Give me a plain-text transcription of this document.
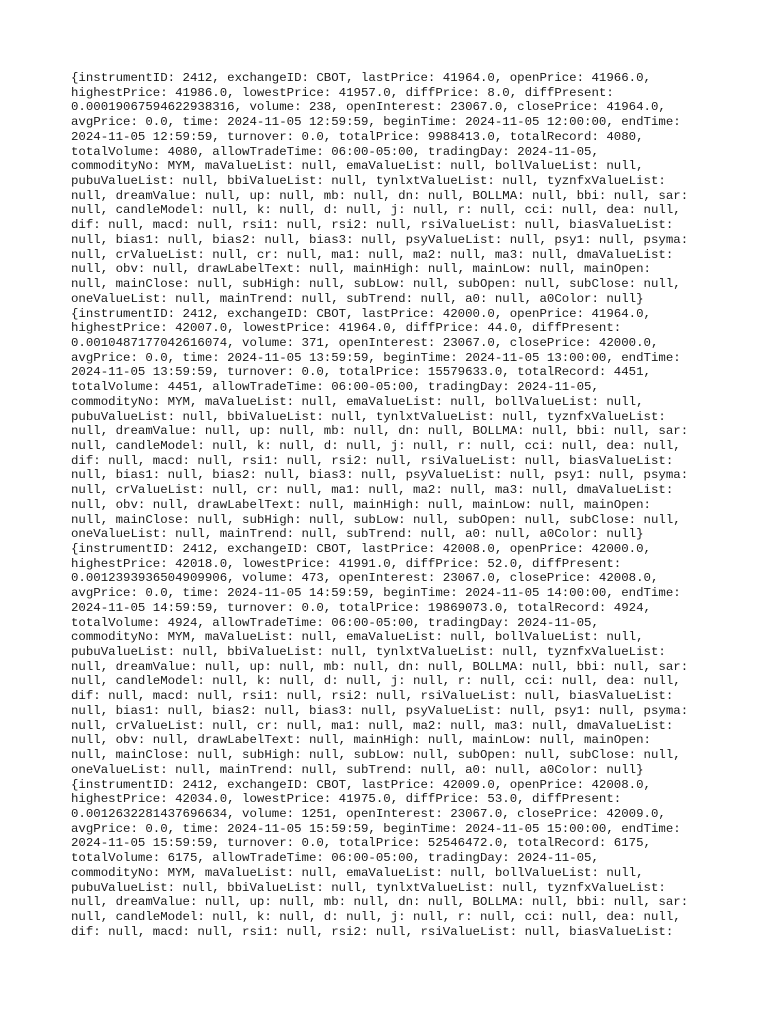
{instrumentID: 2412, exchangeID: CBOT, lastPrice: 41964.0, openPrice: 41966.0,
highestPrice: 41986.0, lowestPrice: 41957.0, diffPrice: 8.0, diffPresent:
0.00019067594622938316, volume: 238, openInterest: 23067.0, closePrice: 41964.0,
avgPrice: 0.0, time: 2024-11-05 12:59:59, beginTime: 2024-11-05 12:00:00, endTime:
2024-11-05 12:59:59, turnover: 0.0, totalPrice: 9988413.0, totalRecord: 4080,
totalVolume: 4080, allowTradeTime: 06:00-05:00, tradingDay: 2024-11-05,
commodityNo: MYM, maValueList: null, emaValueList: null, bollValueList: null,
pubuValueList: null, bbiValueList: null, tynlxtValueList: null, tyznfxValueList:
null, dreamValue: null, up: null, mb: null, dn: null, BOLLMA: null, bbi: null, sar:
null, candleModel: null, k: null, d: null, j: null, r: null, cci: null, dea: null,
dif: null, macd: null, rsi1: null, rsi2: null, rsiValueList: null, biasValueList:
null, bias1: null, bias2: null, bias3: null, psyValueList: null, psy1: null, psyma:
null, crValueList: null, cr: null, ma1: null, ma2: null, ma3: null, dmaValueList:
null, obv: null, drawLabelText: null, mainHigh: null, mainLow: null, mainOpen:
null, mainClose: null, subHigh: null, subLow: null, subOpen: null, subClose: null,
oneValueList: null, mainTrend: null, subTrend: null, a0: null, a0Color: null}
{instrumentID: 2412, exchangeID: CBOT, lastPrice: 42000.0, openPrice: 41964.0,
highestPrice: 42007.0, lowestPrice: 41964.0, diffPrice: 44.0, diffPresent:
0.0010487177042616074, volume: 371, openInterest: 23067.0, closePrice: 42000.0,
avgPrice: 0.0, time: 2024-11-05 13:59:59, beginTime: 2024-11-05 13:00:00, endTime:
2024-11-05 13:59:59, turnover: 0.0, totalPrice: 15579633.0, totalRecord: 4451,
totalVolume: 4451, allowTradeTime: 06:00-05:00, tradingDay: 2024-11-05,
commodityNo: MYM, maValueList: null, emaValueList: null, bollValueList: null,
pubuValueList: null, bbiValueList: null, tynlxtValueList: null, tyznfxValueList:
null, dreamValue: null, up: null, mb: null, dn: null, BOLLMA: null, bbi: null, sar:
null, candleModel: null, k: null, d: null, j: null, r: null, cci: null, dea: null,
dif: null, macd: null, rsi1: null, rsi2: null, rsiValueList: null, biasValueList:
null, bias1: null, bias2: null, bias3: null, psyValueList: null, psy1: null, psyma:
null, crValueList: null, cr: null, ma1: null, ma2: null, ma3: null, dmaValueList:
null, obv: null, drawLabelText: null, mainHigh: null, mainLow: null, mainOpen:
null, mainClose: null, subHigh: null, subLow: null, subOpen: null, subClose: null,
oneValueList: null, mainTrend: null, subTrend: null, a0: null, a0Color: null}
{instrumentID: 2412, exchangeID: CBOT, lastPrice: 42008.0, openPrice: 42000.0,
highestPrice: 42018.0, lowestPrice: 41991.0, diffPrice: 52.0, diffPresent:
0.0012393936504909906, volume: 473, openInterest: 23067.0, closePrice: 42008.0,
avgPrice: 0.0, time: 2024-11-05 14:59:59, beginTime: 2024-11-05 14:00:00, endTime:
2024-11-05 14:59:59, turnover: 0.0, totalPrice: 19869073.0, totalRecord: 4924,
totalVolume: 4924, allowTradeTime: 06:00-05:00, tradingDay: 2024-11-05,
commodityNo: MYM, maValueList: null, emaValueList: null, bollValueList: null,
pubuValueList: null, bbiValueList: null, tynlxtValueList: null, tyznfxValueList:
null, dreamValue: null, up: null, mb: null, dn: null, BOLLMA: null, bbi: null, sar:
null, candleModel: null, k: null, d: null, j: null, r: null, cci: null, dea: null,
dif: null, macd: null, rsi1: null, rsi2: null, rsiValueList: null, biasValueList:
null, bias1: null, bias2: null, bias3: null, psyValueList: null, psy1: null, psyma:
null, crValueList: null, cr: null, ma1: null, ma2: null, ma3: null, dmaValueList:
null, obv: null, drawLabelText: null, mainHigh: null, mainLow: null, mainOpen:
null, mainClose: null, subHigh: null, subLow: null, subOpen: null, subClose: null,
oneValueList: null, mainTrend: null, subTrend: null, a0: null, a0Color: null}
{instrumentID: 2412, exchangeID: CBOT, lastPrice: 42009.0, openPrice: 42008.0,
highestPrice: 42034.0, lowestPrice: 41975.0, diffPrice: 53.0, diffPresent:
0.0012632281437696634, volume: 1251, openInterest: 23067.0, closePrice: 42009.0,
avgPrice: 0.0, time: 2024-11-05 15:59:59, beginTime: 2024-11-05 15:00:00, endTime:
2024-11-05 15:59:59, turnover: 0.0, totalPrice: 52546472.0, totalRecord: 6175,
totalVolume: 6175, allowTradeTime: 06:00-05:00, tradingDay: 2024-11-05,
commodityNo: MYM, maValueList: null, emaValueList: null, bollValueList: null,
pubuValueList: null, bbiValueList: null, tynlxtValueList: null, tyznfxValueList:
null, dreamValue: null, up: null, mb: null, dn: null, BOLLMA: null, bbi: null, sar:
null, candleModel: null, k: null, d: null, j: null, r: null, cci: null, dea: null,
dif: null, macd: null, rsi1: null, rsi2: null, rsiValueList: null, biasValueList:
